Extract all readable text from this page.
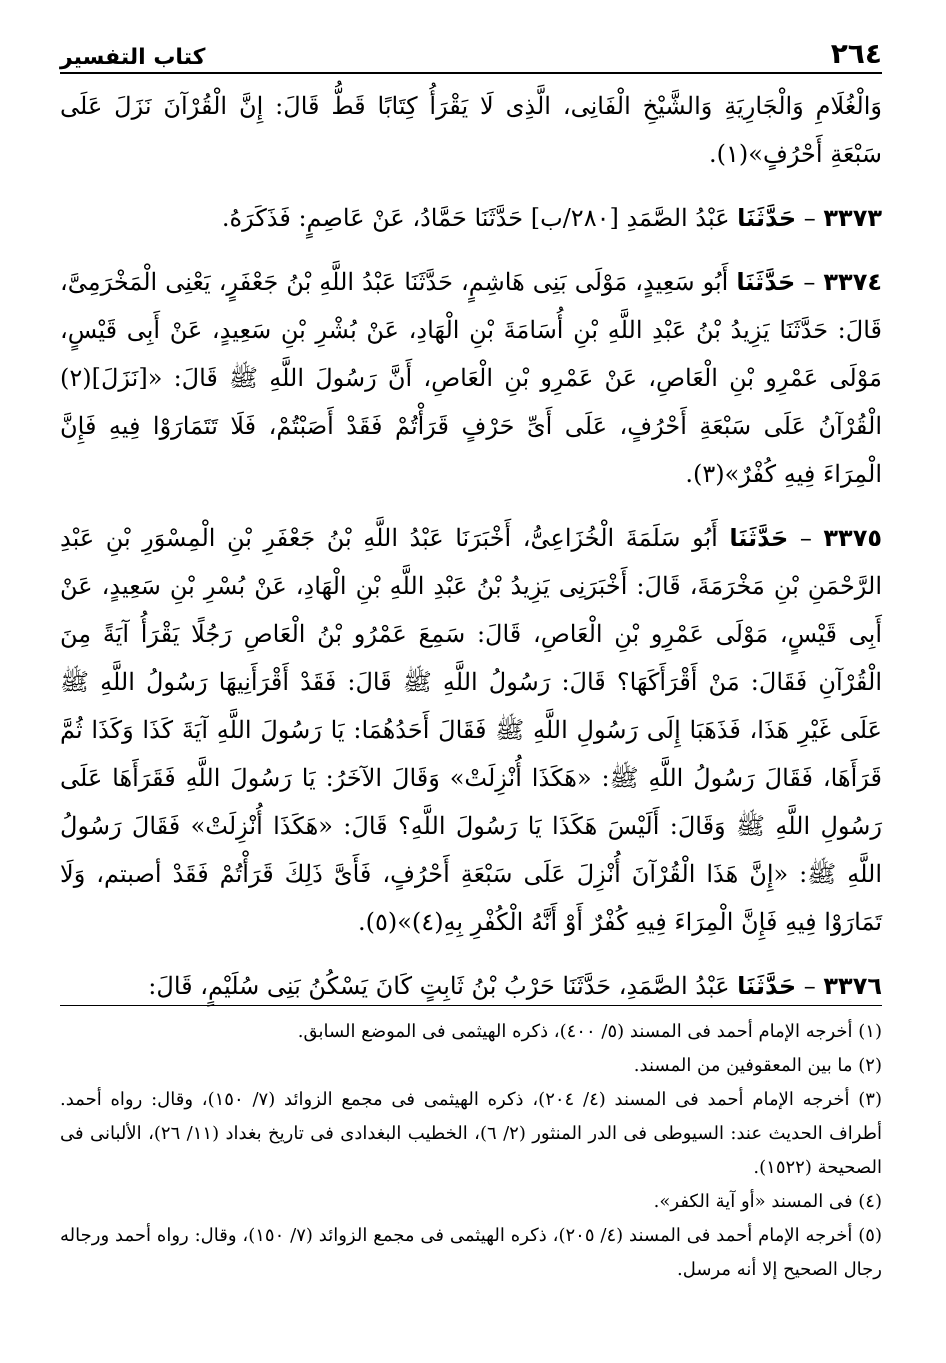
٢٦٤
كتاب التفسير

وَالْغُلَامِ وَالْجَارِيَةِ وَالشَّيْخِ الْفَانِى، الَّذِى لَا يَقْرَأُ كِتَابًا قَطُّ قَالَ: إِنَّ الْقُرْآنَ نَزَلَ عَلَى سَبْعَةِ أَحْرُفٍ»(١).

٣٣٧٣ – حَدَّثَنَا عَبْدُ الصَّمَدِ [٢٨٠/ب] حَدَّثَنَا حَمَّادُ، عَنْ عَاصِمٍ: فَذَكَرَهُ.

٣٣٧٤ – حَدَّثَنَا أَبُو سَعِيدٍ، مَوْلَى بَنِى هَاشِمٍ، حَدَّثَنَا عَبْدُ اللَّهِ بْنُ جَعْفَرٍ، يَعْنِى الْمَخْرَمِىَّ، قَالَ: حَدَّثَنَا يَزِيدُ بْنُ عَبْدِ اللَّهِ بْنِ أُسَامَةَ بْنِ الْهَادِ، عَنْ بُشْرِ بْنِ سَعِيدٍ، عَنْ أَبِى قَيْسٍ، مَوْلَى عَمْرِو بْنِ الْعَاصِ، عَنْ عَمْرِو بْنِ الْعَاصِ، أَنَّ رَسُولَ اللَّهِ ﷺ قَالَ: «[نَزَلَ](٢) الْقُرْآنُ عَلَى سَبْعَةِ أَحْرُفٍ، عَلَى أَىِّ حَرْفٍ قَرَأْتُمْ فَقَدْ أَصَبْتُمْ، فَلَا تَتَمَارَوْا فِيهِ فَإِنَّ الْمِرَاءَ فِيهِ كُفْرٌ»(٣).

٣٣٧٥ – حَدَّثَنَا أَبُو سَلَمَةَ الْخُزَاعِىُّ، أَخْبَرَنَا عَبْدُ اللَّهِ بْنُ جَعْفَرِ بْنِ الْمِسْوَرِ بْنِ عَبْدِ الرَّحْمَنِ بْنِ مَخْرَمَةَ، قَالَ: أَخْبَرَنِى يَزِيدُ بْنُ عَبْدِ اللَّهِ بْنِ الْهَادِ، عَنْ بُسْرِ بْنِ سَعِيدٍ، عَنْ أَبِى قَيْسٍ، مَوْلَى عَمْرِو بْنِ الْعَاصِ، قَالَ: سَمِعَ عَمْرُو بْنُ الْعَاصِ رَجُلًا يَقْرَأُ آيَةً مِنَ الْقُرْآنِ فَقَالَ: مَنْ أَقْرَأَكَهَا؟ قَالَ: رَسُولُ اللَّهِ ﷺ قَالَ: فَقَدْ أَقْرَأَنِيهَا رَسُولُ اللَّهِ ﷺ عَلَى غَيْرِ هَذَا، فَذَهَبَا إِلَى رَسُولِ اللَّهِ ﷺ فَقَالَ أَحَدُهُمَا: يَا رَسُولَ اللَّهِ آيَةَ كَذَا وَكَذَا ثُمَّ قَرَأَهَا، فَقَالَ رَسُولُ اللَّهِ ﷺ: «هَكَذَا أُنْزِلَتْ» وَقَالَ الآخَرُ: يَا رَسُولَ اللَّهِ فَقَرَأَهَا عَلَى رَسُولِ اللَّهِ ﷺ وَقَالَ: أَلَيْسَ هَكَذَا يَا رَسُولَ اللَّهِ؟ قَالَ: «هَكَذَا أُنْزِلَتْ» فَقَالَ رَسُولُ اللَّهِ ﷺ: «إِنَّ هَذَا الْقُرْآنَ أُنْزِلَ عَلَى سَبْعَةِ أَحْرُفٍ، فَأَىَّ ذَلِكَ قَرَأْتُمْ فَقَدْ أصبتم، وَلَا تَمَارَوْا فِيهِ فَإِنَّ الْمِرَاءَ فِيهِ كُفْرٌ أَوْ أَنَّهُ الْكُفْرِ بِهِ(٤)»(٥).

٣٣٧٦ – حَدَّثَنَا عَبْدُ الصَّمَدِ، حَدَّثَنَا حَرْبُ بْنُ ثَابِتٍ كَانَ يَسْكُنُ بَنِى سُلَيْمٍ، قَالَ:

(١) أخرجه الإمام أحمد فى المسند (٥/ ٤٠٠)، ذكره الهيثمى فى الموضع السابق.

(٢) ما بين المعقوفين من المسند.

(٣) أخرجه الإمام أحمد فى المسند (٤/ ٢٠٤)، ذكره الهيثمى فى مجمع الزوائد (٧/ ١٥٠)، وقال: رواه أحمد. أطراف الحديث عند: السيوطى فى الدر المنثور (٢/ ٦)، الخطيب البغدادى فى تاريخ بغداد (١١/ ٢٦)، الألبانى فى الصحيحة (١٥٢٢).

(٤) فى المسند «أو آية الكفر».

(٥) أخرجه الإمام أحمد فى المسند (٤/ ٢٠٥)، ذكره الهيثمى فى مجمع الزوائد (٧/ ١٥٠)، وقال: رواه أحمد ورجاله رجال الصحيح إلا أنه مرسل.
